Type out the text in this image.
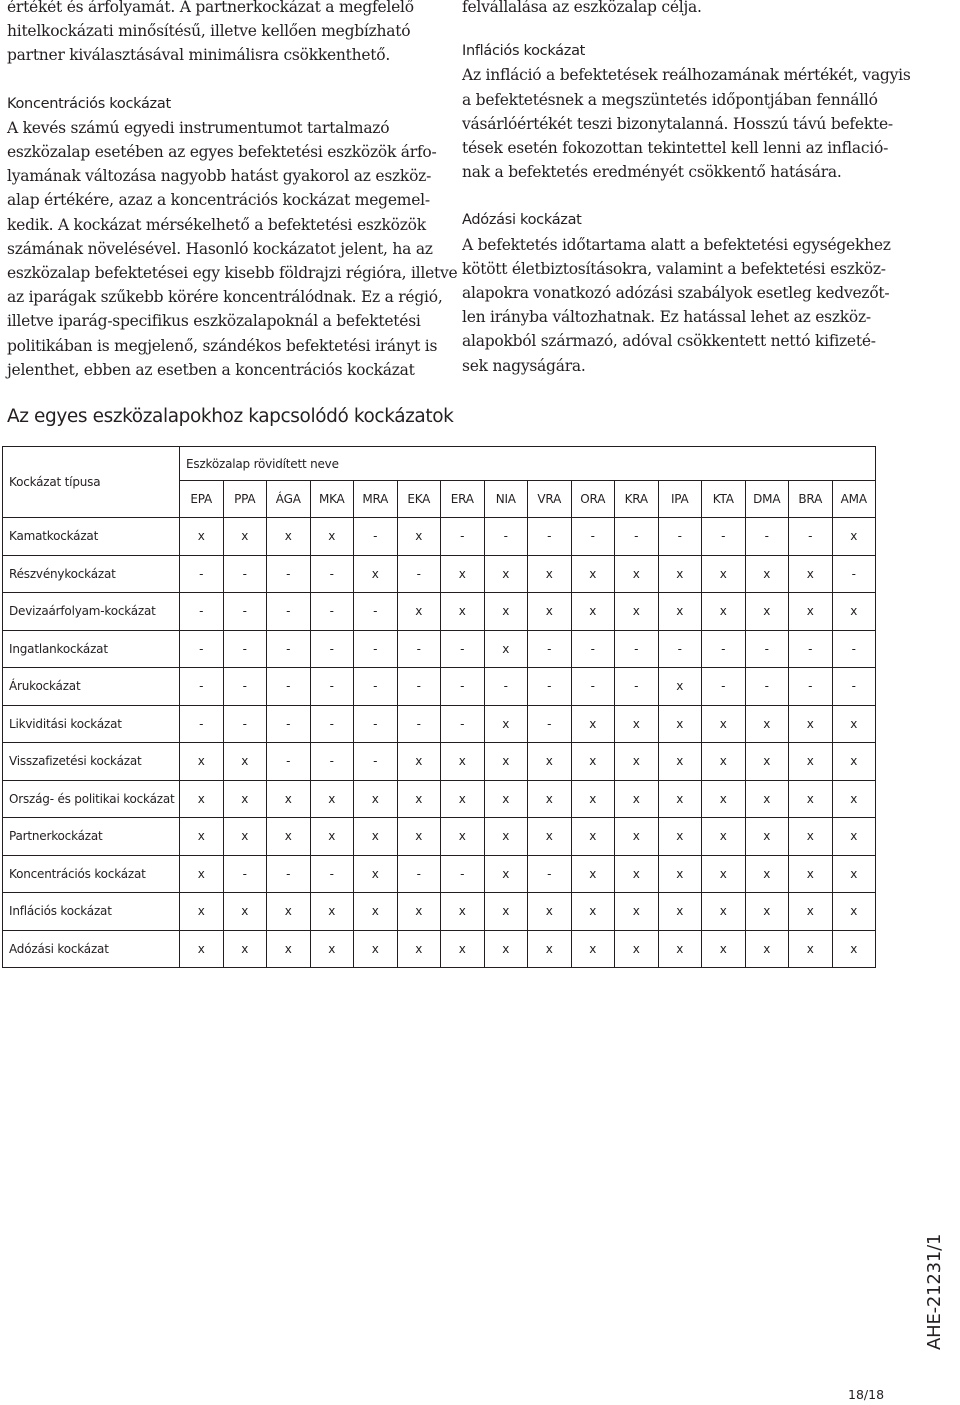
értékét és árfolyamát. A partnerkockázat a megfelelő
hitelkockázati minősítésű, illetve kellően megbízható
partner kiválasztásával minimálisra csökkenthető.
Koncentrációs kockázat
A kevés számú egyedi instrumentumot tartalmazó
eszközalap esetében az egyes befektetési eszközök árfo-
lyamának változása nagyobb hatást gyakorol az eszköz-
alap értékére, azaz a koncentrációs kockázat megemel-
kedik. A kockázat mérsékelhető a befektetési eszközök
számának növelésével. Hasonló kockázatot jelent, ha az
eszközalap befektetései egy kisebb földrajzi régióra, illetve
az iparágak szűkebb körére koncentrálódnak. Ez a régió,
illetve iparág-specifikus eszközalapoknál a befektetési
politikában is megjelenő, szándékos befektetési irányt is
jelenthet, ebben az esetben a koncentrációs kockázat
felvállalása az eszközalap célja.
Inflációs kockázat
Az infláció a befektetések reálhozamának mértékét, vagyis
a befektetésnek a megszüntetés időpontjában fennálló
vásárlóértékét teszi bizonytalanná. Hosszú távú befekte-
tések esetén fokozottan tekintettel kell lenni az inflació-
nak a befektetés eredményét csökkentő hatására.
Adózási kockázat
A befektetés időtartama alatt a befektetési egységekhez
kötött életbiztosításokra, valamint a befektetési eszköz-
alapokra vonatkozó adózási szabályok esetleg kedvezőt-
len irányba változhatnak. Ez hatással lehet az eszköz-
alapokból származó, adóval csökkentett nettó kifizeté-
sek nagyságára.
Az egyes eszközalapokhoz kapcsolódó kockázatok
Kockázat típusa	Eszközalap rövidített neve															
	EPA	PPA	ÁGA	MKA	MRA	EKA	ERA	NIA	VRA	ORA	KRA	IPA	KTA	DMA	BRA	AMA
Kamatkockázat	x	x	x	x	-	x	-	-	-	-	-	-	-	-	-	x
Részvénykockázat	-	-	-	-	x	-	x	x	x	x	x	x	x	x	x	-
Devizaárfolyam-kockázat	-	-	-	-	-	x	x	x	x	x	x	x	x	x	x	x
Ingatlankockázat	-	-	-	-	-	-	-	x	-	-	-	-	-	-	-	-
Árukockázat	-	-	-	-	-	-	-	-	-	-	-	x	-	-	-	-
Likviditási kockázat	-	-	-	-	-	-	-	x	-	x	x	x	x	x	x	x
Visszafizetési kockázat	x	x	-	-	-	x	x	x	x	x	x	x	x	x	x	x
Ország- és politikai kockázat	x	x	x	x	x	x	x	x	x	x	x	x	x	x	x	x
Partnerkockázat	x	x	x	x	x	x	x	x	x	x	x	x	x	x	x	x
Koncentrációs kockázat	x	-	-	-	x	-	-	x	-	x	x	x	x	x	x	x
Inflációs kockázat	x	x	x	x	x	x	x	x	x	x	x	x	x	x	x	x
Adózási kockázat	x	x	x	x	x	x	x	x	x	x	x	x	x	x	x	x
AHE-21231/1
18/18
